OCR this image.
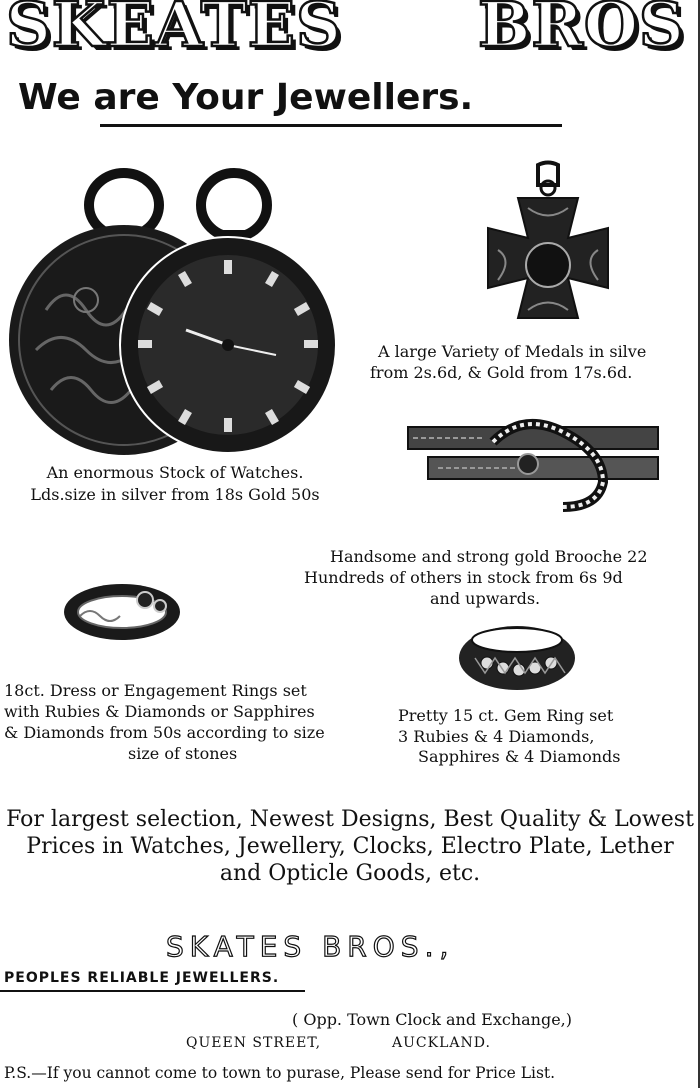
SKEATES BROS
We are Your Jewellers.
An enormous Stock of Watches.
Lds.size in silver from 18s Gold 50s
A large Variety of Medals in silve
from 2s.6d, & Gold from 17s.6d.
Handsome and strong gold Brooche 22
Hundreds of others in stock from 6s 9d
and upwards.
18ct. Dress or Engagement Rings set
with Rubies & Diamonds or Sapphires
& Diamonds from 50s according to size
size of stones
Pretty 15 ct. Gem Ring set
3 Rubies & 4 Diamonds,
Sapphires & 4 Diamonds
For largest selection, Newest Designs, Best Quality & Lowest
Prices in Watches, Jewellery, Clocks, Electro Plate, Lether
and Opticle Goods, etc.
SKATES BROS.,
PEOPLES RELIABLE JEWELLERS.
( Opp. Town Clock and Exchange,)
QUEEN STREET,	AUCKLAND.
P.S.—If you cannot come to town to purase, Please send for Price List.
